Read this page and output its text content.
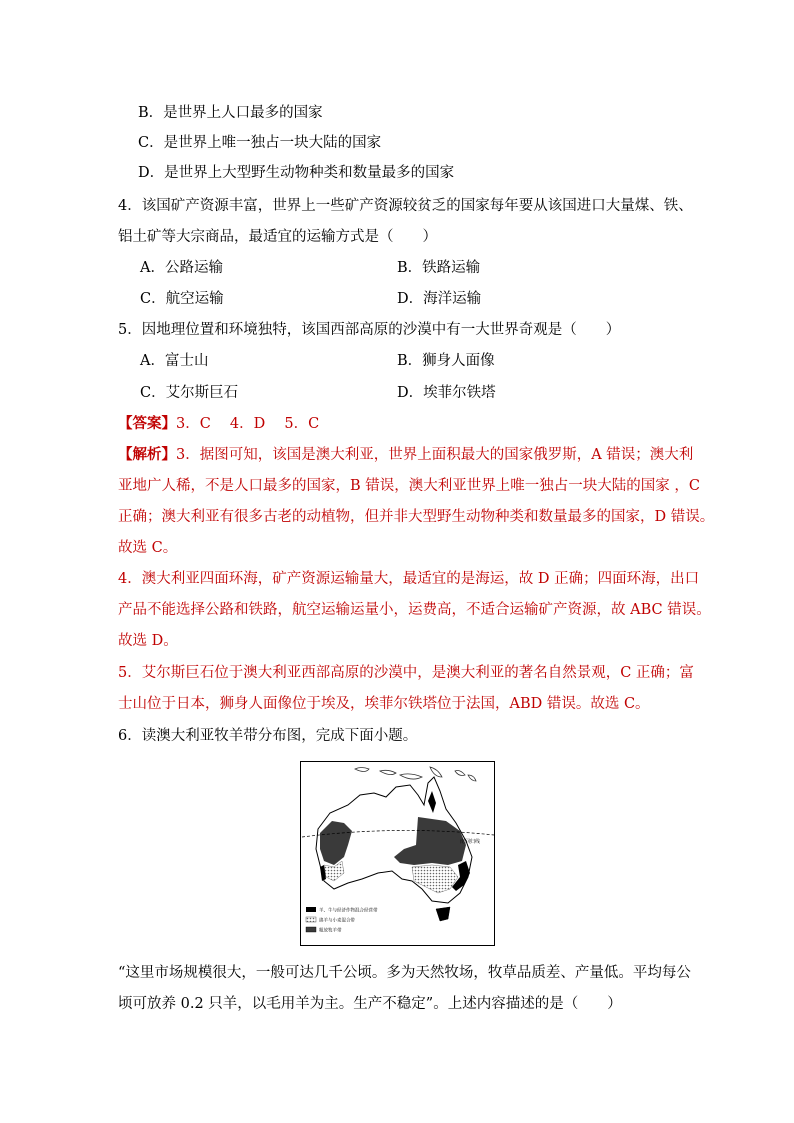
B．是世界上人口最多的国家
C．是世界上唯一独占一块大陆的国家
D．是世界上大型野生动物种类和数量最多的国家
4．该国矿产资源丰富，世界上一些矿产资源较贫乏的国家每年要从该国进口大量煤、铁、
铝土矿等大宗商品，最适宜的运输方式是（　　）
A．公路运输	B．铁路运输
C．航空运输	D．海洋运输
5．因地理位置和环境独特，该国西部高原的沙漠中有一大世界奇观是（　　）
A．富士山	B．狮身人面像
C．艾尔斯巨石	D．埃菲尔铁塔
【答案】3．C　 4．D　 5．C
【解析】3．据图可知，该国是澳大利亚，世界上面积最大的国家俄罗斯，A 错误；澳大利
亚地广人稀，不是人口最多的国家，B 错误，澳大利亚世界上唯一独占一块大陆的国家 ，C
正确；澳大利亚有很多古老的动植物，但并非大型野生动物种类和数量最多的国家，D 错误。
故选 C。
4．澳大利亚四面环海，矿产资源运输量大，最适宜的是海运，故 D 正确；四面环海，出口
产品不能选择公路和铁路，航空运输运量小，运费高，不适合运输矿产资源，故 ABC 错误。
故选 D。
5．艾尔斯巨石位于澳大利亚西部高原的沙漠中，是澳大利亚的著名自然景观，C 正确；富
士山位于日本，狮身人面像位于埃及，埃菲尔铁塔位于法国，ABD 错误。故选 C。
6．读澳大利亚牧羊带分布图，完成下面小题。
南回归线
羊、牛与经济作物混合经营带
绵羊与小麦混合带
粗放牧羊带
“这里市场规模很大，一般可达几千公顷。多为天然牧场，牧草品质差、产量低。平均每公
顷可放养 0.2 只羊，以毛用羊为主。生产不稳定”。上述内容描述的是（　　）
